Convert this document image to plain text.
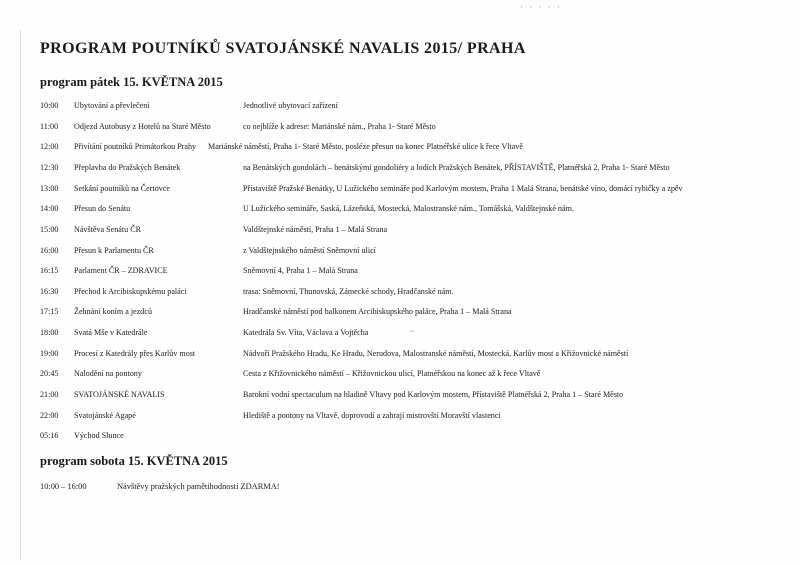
· · · · ·
PROGRAM POUTNÍKŮ SVATOJÁNSKÉ NAVALIS 2015/ PRAHA
program pátek 15. KVĚTNA 2015
10:00	Ubytování a převlečení	Jednotlivé ubytovací zařízení
11:00	Odjezd Autobusy z Hotelů na Staré Město	co nejblíže k adrese: Mariánské nám., Praha 1- Staré Město
12:00	Přivítání poutníků Primátorkou Prahy	Mariánské náměstí, Praha 1- Staré Město, posléze přesun na konec Platnéřské ulice k řece Vltavě
12:30	Přeplavba do Pražských Benátek	na Benátských gondolách – benátskými gondoliéry a lodích Pražských Benátek, PŘÍSTAVIŠTĚ, Platnéřská 2, Praha 1- Staré Město
13:00	Setkání poutníků na Čertovce	Přístaviště Pražské Benátky, U Lužického semináře pod Karlovým mostem, Praha 1 Malá Strana, benátské víno, domácí rybičky a zpěv
14:00	Přesun do Senátu	U Lužického semináře, Saská, Lázeňská, Mostecká, Malostranské nám., Tomášská, Valdštejnské nám.
15:00	Návštěva Senátu ČR	Valdštejnské náměstí, Praha 1 – Malá Strana
16:00	Přesun k Parlamentu ČR	z Valdštejnského náměstí Sněmovní ulicí
16:15	Parlament ČR – ZDRAVICE	Sněmovní 4, Praha 1 – Malá Strana
16:30	Přechod k Arcibiskupskému paláci	trasa: Sněmovní, Thunovská, Zámecké schody, Hradčanské nám.
17:15	Žehnání koním a jezdců	Hradčanské náměstí pod balkonem Arcibiskupského paláce, Praha 1 – Malá Strana
18:00	Svatá Mše v Katedrále	Katedrála Sv. Víta, Václava a Vojtěcha	~
19:00	Procesí z Katedrály přes Karlův most	Nádvoří Pražského Hradu, Ke Hradu, Nerudova, Malostranské náměstí, Mostecká, Karlův most a Křižovnické náměstí
20:45	Nalodění na pontony	Cesta z Křižovnického náměstí – Křižovnickou ulicí, Platnéřskou na konec až k řece Vltavě
21:00	SVATOJÁNSKÉ NAVALIS	Barokní vodní spectaculum na hladině Vltavy pod Karlovým mostem, Přístaviště Platnéřská 2, Praha 1 – Staré Město
22:00	Svatojánské Agapé	Hlediště a pontony na Vltavě, doprovodí a zahrají mistrovští Moravští vlastenci
05:16	Východ Slunce
program sobota 15. KVĚTNA 2015
10:00 – 16:00	Návštěvy pražských pamětihodností ZDARMA!
